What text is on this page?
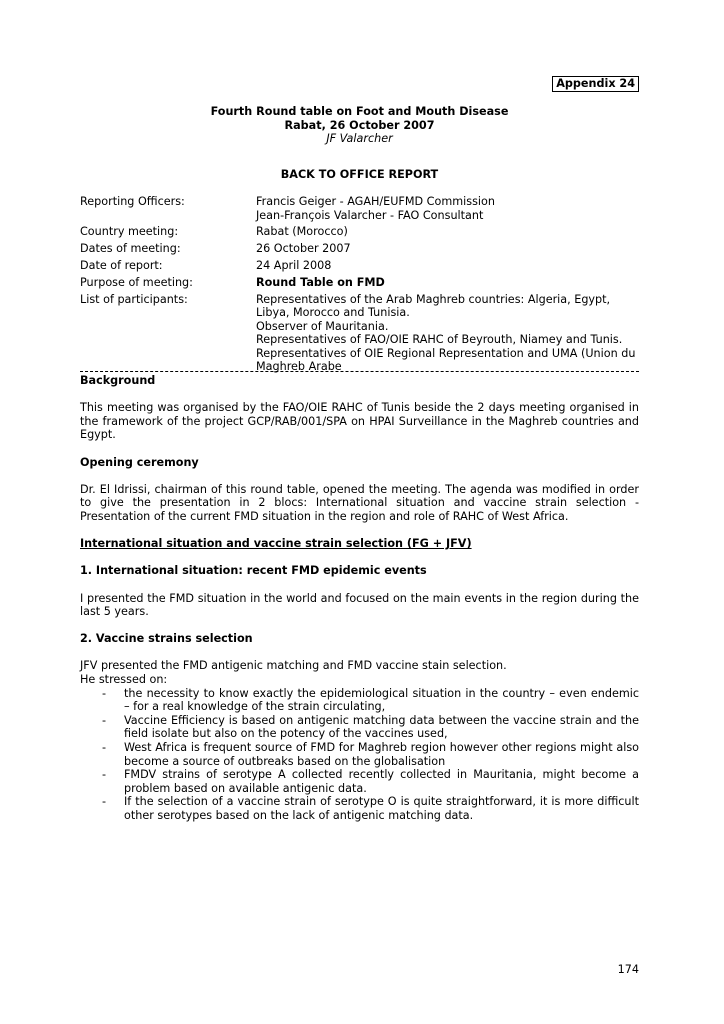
Appendix 24
Fourth Round table on Foot and Mouth Disease
Rabat, 26 October 2007
JF Valarcher
BACK TO OFFICE REPORT
Reporting Officers:	Francis Geiger - AGAH/EUFMD Commission
Jean-François Valarcher - FAO Consultant
Country meeting:	Rabat (Morocco)
Dates of meeting:	26 October 2007
Date of report:	24 April 2008
Purpose of meeting:	Round Table on FMD
List of participants:	Representatives of the Arab Maghreb countries: Algeria, Egypt, Libya, Morocco and Tunisia.
Observer of Mauritania.
Representatives of FAO/OIE RAHC of Beyrouth, Niamey and Tunis.
Representatives of OIE Regional Representation and UMA (Union du Maghreb Arabe
Background

This meeting was organised by the FAO/OIE RAHC of Tunis beside the 2 days meeting organised in the framework of the project GCP/RAB/001/SPA on HPAI Surveillance in the Maghreb countries and Egypt.

Opening ceremony

Dr. El Idrissi, chairman of this round table, opened the meeting. The agenda was modified in order to give the presentation in 2 blocs: International situation and vaccine strain selection - Presentation of the current FMD situation in the region and role of RAHC of West Africa.

International situation and vaccine strain selection (FG + JFV)
1. International situation: recent FMD epidemic events

I presented the FMD situation in the world and focused on the main events in the region during the last 5 years.

2. Vaccine strains selection
JFV presented the FMD antigenic matching and FMD vaccine stain selection.
He stressed on:
-	the necessity to know exactly the epidemiological situation in the country – even endemic – for a real knowledge of the strain circulating,
-	Vaccine Efficiency is based on antigenic matching data between the vaccine strain and the field isolate but also on the potency of the vaccines used,
-	West Africa is frequent source of FMD for Maghreb region however other regions might also become a source of outbreaks based on the globalisation
-	FMDV strains of serotype A collected recently collected in Mauritania, might become a problem based on available antigenic data.
-	If the selection of a vaccine strain of serotype O is quite straightforward, it is more difficult other serotypes based on the lack of antigenic matching data.
174
